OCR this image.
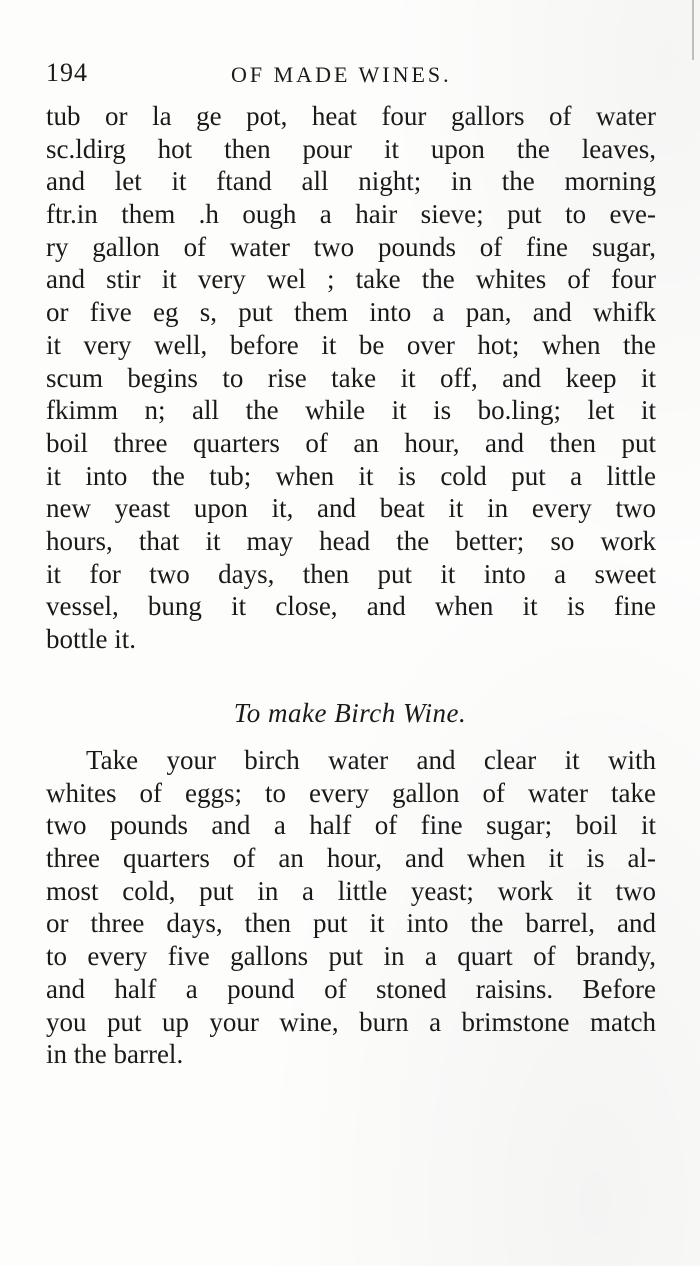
194	OF MADE WINES.
tub or la ge pot, heat four gallors of water
sc.ldirg hot then pour it upon the leaves,
and let it ftand all night; in the morning
ftr.in them .h ough a hair sieve; put to eve-
ry gallon of water two pounds of fine sugar,
and stir it very wel ; take the whites of four
or five eg s, put them into a pan, and whifk
it very well, before it be over hot; when the
scum begins to rise take it off, and keep it
fkimm n; all the while it is bo.ling; let it
boil three quarters of an hour, and then put
it into the tub; when it is cold put a little
new yeast upon it, and beat it in every two
hours, that it may head the better; so work
it for two days, then put it into a sweet
vessel, bung it close, and when it is fine
bottle it.
To make Birch Wine.
Take your birch water and clear it with
whites of eggs; to every gallon of water take
two pounds and a half of fine sugar; boil it
three quarters of an hour, and when it is al-
most cold, put in a little yeast; work it two
or three days, then put it into the barrel, and
to every five gallons put in a quart of brandy,
and half a pound of stoned raisins. Before
you put up your wine, burn a brimstone match
in the barrel.
